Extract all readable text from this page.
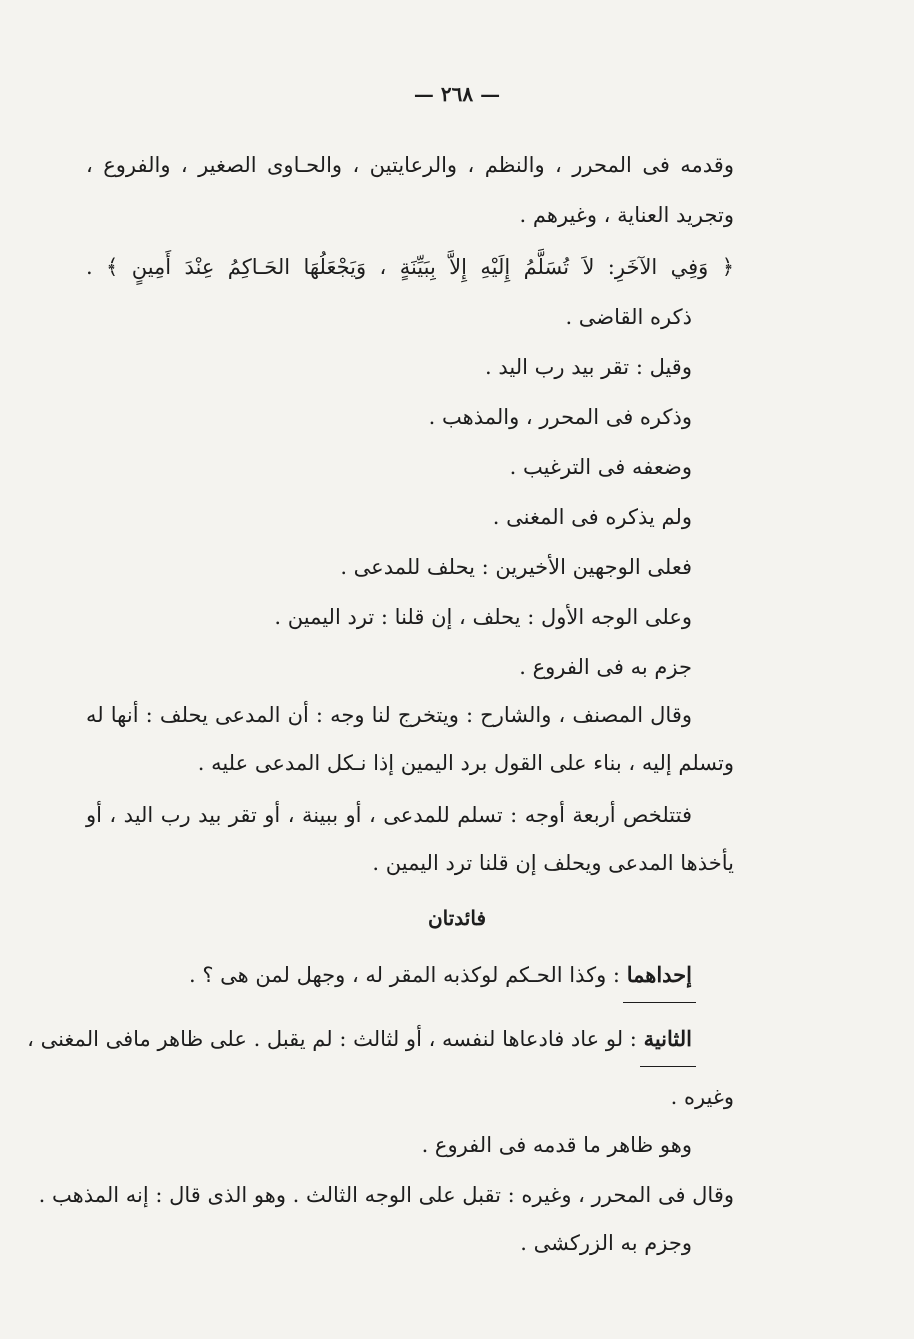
— ٢٦٨ —
وقدمه فى المحرر ، والنظم ، والرعايتين ، والحـاوى الصغير ، والفروع ،
وتجريد العناية ، وغيرهم .
﴿ وَفِي الآخَرِ: لاَ تُسَلَّمُ إِلَيْهِ إِلاَّ بِبَيِّنَةٍ ، وَيَجْعَلُهَا الحَـاكِمُ عِنْدَ أَمِينٍ ﴾ .
ذكره القاضى .
وقيل : تقر بيد رب اليد .
وذكره فى المحرر ، والمذهب .
وضعفه فى الترغيب .
ولم يذكره فى المغنى .
فعلى الوجهين الأخيرين : يحلف للمدعى .
وعلى الوجه الأول : يحلف ، إن قلنا : ترد اليمين .
جزم به فى الفروع .
وقال المصنف ، والشارح : ويتخرج لنا وجه : أن المدعى يحلف : أنها له
وتسلم إليه ، بناء على القول برد اليمين إذا نـكل المدعى عليه .
فتتلخص أربعة أوجه : تسلم للمدعى ، أو ببينة ، أو تقر بيد رب اليد ، أو
يأخذها المدعى ويحلف إن قلنا ترد اليمين .
فائدتان
إحداهما : وكذا الحـكم لوكذبه المقر له ، وجهل لمن هى ؟ .
الثانية : لو عاد فادعاها لنفسه ، أو لثالث : لم يقبل . على ظاهر مافى المغنى ،
وغيره .
وهو ظاهر ما قدمه فى الفروع .
وقال فى المحرر ، وغيره : تقبل على الوجه الثالث . وهو الذى قال : إنه المذهب .
وجزم به الزركشى .
